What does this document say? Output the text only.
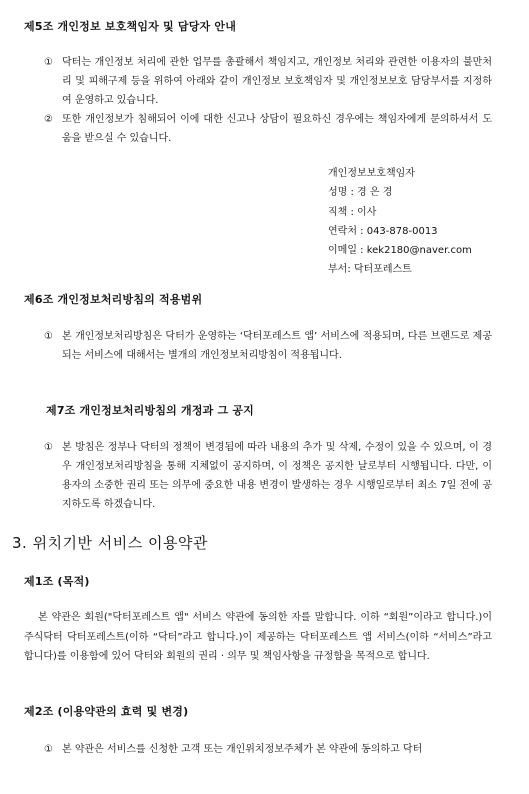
제5조 개인정보 보호책임자 및 담당자 안내
① 닥터는 개인정보 처리에 관한 업무를 총괄해서 책임지고, 개인정보 처리와 관련한 이용자의 불만처리 및 피해구제 등을 위하여 아래와 같이 개인정보 보호책임자 및 개인정보보호 담당부서를 지정하여 운영하고 있습니다.
② 또한 개인정보가 침해되어 이에 대한 신고나 상담이 필요하신 경우에는 책임자에게 문의하셔서 도움을 받으실 수 있습니다.
개인정보보호책임자
성명 : 경 은 경
직책 : 이사
연락처 : 043-878-0013
이메일 : kek2180@naver.com
부서: 닥터포레스트
제6조 개인정보처리방침의 적용범위
① 본 개인정보처리방침은 닥터가 운영하는 ‘닥터포레스트 앱’ 서비스에 적용되며, 다른 브랜드로 제공되는 서비스에 대해서는 별개의 개인정보처리방침이 적용됩니다.
제7조 개인정보처리방침의 개정과 그 공지
① 본 방침은 정부나 닥터의 정책이 변경됨에 따라 내용의 추가 및 삭제, 수정이 있을 수 있으며, 이 경우 개인정보처리방침을 통해 지체없이 공지하며, 이 정책은 공지한 날로부터 시행됩니다. 다만, 이용자의 소중한 권리 또는 의무에 중요한 내용 변경이 발생하는 경우 시행일로부터 최소 7일 전에 공지하도록 하겠습니다.
3. 위치기반 서비스 이용약관
제1조 (목적)
본 약관은 회원("닥터포레스트 앱" 서비스 약관에 동의한 자를 말합니다. 이하 “회원”이라고 합니다.)이 주식닥터 닥터포레스트(이하 “닥터”라고 합니다.)이 제공하는 닥터포레스트 앱 서비스(이하 “서비스”라고 합니다)를 이용함에 있어 닥터와 회원의 권리 · 의무 및 책임사항을 규정함을 목적으로 합니다.
제2조 (이용약관의 효력 및 변경)
① 본 약관은 서비스를 신청한 고객 또는 개인위치정보주체가 본 약관에 동의하고 닥터
